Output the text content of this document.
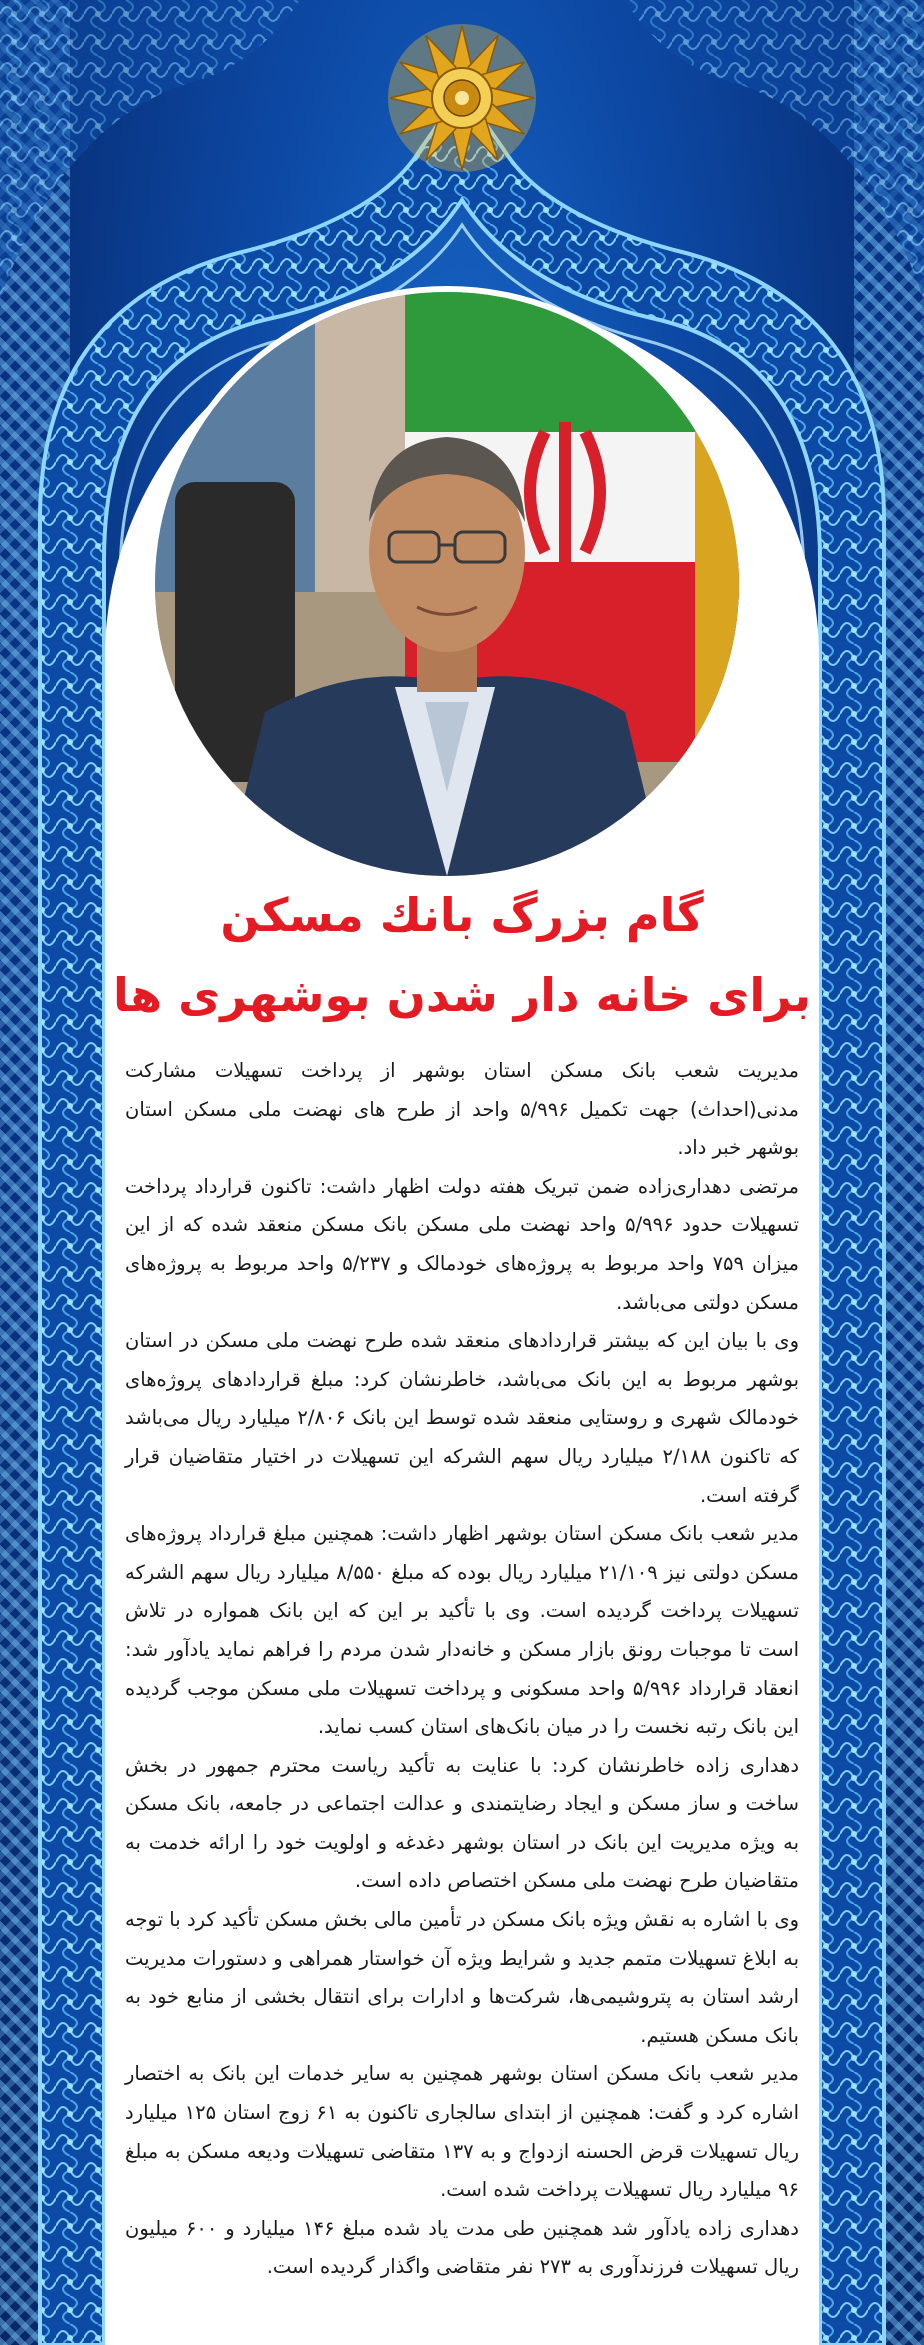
گام بزرگ بانك مسكن
برای خانه دار شدن بوشهری ها

مدیریت شعب بانک مسکن استان بوشهر از پرداخت تسهیلات مشارکت مدنی(احداث) جهت تکمیل ۵/۹۹۶ واحد از طرح های نهضت ملی مسکن استان بوشهر خبر داد.

مرتضی دهداری‌زاده ضمن تبریک هفته دولت اظهار داشت: تاکنون قرارداد پرداخت تسهیلات حدود ۵/۹۹۶ واحد نهضت ملی مسکن بانک مسکن منعقد شده که از این میزان ۷۵۹ واحد مربوط به پروژه‌های خودمالک و ۵/۲۳۷ واحد مربوط به پروژه‌های مسکن دولتی می‌باشد.

وی با بیان این که بیشتر قراردادهای منعقد شده طرح نهضت ملی مسکن در استان بوشهر مربوط به این بانک می‌باشد، خاطرنشان کرد: مبلغ قراردادهای پروژه‌های خودمالک شهری و روستایی منعقد شده توسط این بانک ۲/۸۰۶ میلیارد ریال می‌باشد که تاکنون ۲/۱۸۸ میلیارد ریال سهم الشرکه این تسهیلات در اختیار متقاضیان قرار گرفته است.

مدیر شعب بانک مسکن استان بوشهر اظهار داشت: همچنین مبلغ قرارداد پروژه‌های مسکن دولتی نیز ۲۱/۱۰۹ میلیارد ریال بوده که مبلغ ۸/۵۵۰ میلیارد ریال سهم الشرکه تسهیلات پرداخت گردیده است. وی با تأکید بر این که این بانک همواره در تلاش است تا موجبات رونق بازار مسکن و خانه‌دار شدن مردم را فراهم نماید یادآور شد: انعقاد قرارداد ۵/۹۹۶ واحد مسکونی و پرداخت تسهیلات ملی مسکن موجب گردیده این بانک رتبه نخست را در میان بانک‌های استان کسب نماید.

دهداری زاده خاطرنشان کرد: با عنایت به تأکید ریاست محترم جمهور در بخش ساخت و ساز مسکن و ایجاد رضایتمندی و عدالت اجتماعی در جامعه، بانک مسکن به ویژه مدیریت این بانک در استان بوشهر دغدغه و اولویت خود را ارائه خدمت به متقاضیان طرح نهضت ملی مسکن اختصاص داده است.

وی با اشاره به نقش ویژه بانک مسکن در تأمین مالی بخش مسکن تأکید کرد با توجه به ابلاغ تسهیلات متمم جدید و شرایط ویژه آن خواستار همراهی و دستورات مدیریت ارشد استان به پتروشیمی‌ها، شرکت‌ها و ادارات برای انتقال بخشی از منابع خود به بانک مسکن هستیم.

مدیر شعب بانک مسکن استان بوشهر همچنین به سایر خدمات این بانک به اختصار اشاره کرد و گفت: همچنین از ابتدای سالجاری تاکنون به ۶۱ زوج استان ۱۲۵ میلیارد ریال تسهیلات قرض الحسنه ازدواج و به ۱۳۷ متقاضی تسهیلات ودیعه مسکن به مبلغ ۹۶ میلیارد ریال تسهیلات پرداخت شده است.

دهداری زاده یادآور شد همچنین طی مدت یاد شده مبلغ ۱۴۶ میلیارد و ۶۰۰ میلیون ریال تسهیلات فرزندآوری به ۲۷۳ نفر متقاضی واگذار گردیده است.
